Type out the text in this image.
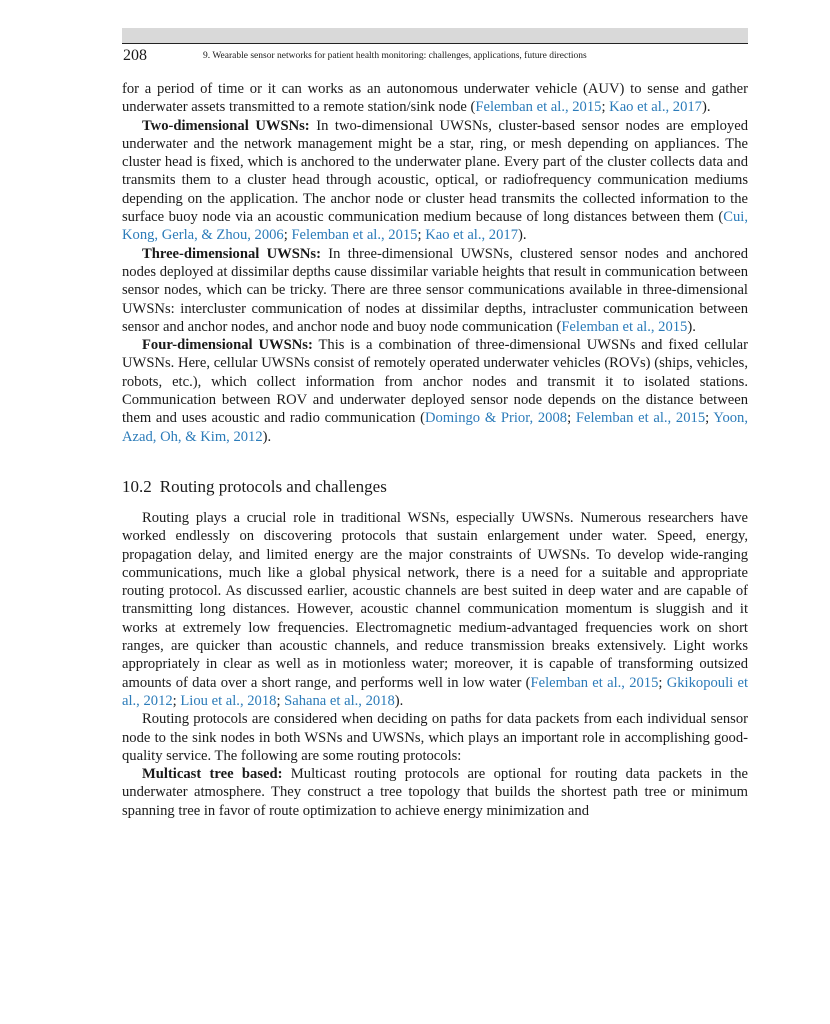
208	9. Wearable sensor networks for patient health monitoring: challenges, applications, future directions

for a period of time or it can works as an autonomous underwater vehicle (AUV) to sense and gather underwater assets transmitted to a remote station/sink node (Felemban et al., 2015; Kao et al., 2017).

Two-dimensional UWSNs: In two-dimensional UWSNs, cluster-based sensor nodes are employed underwater and the network management might be a star, ring, or mesh depending on appliances. The cluster head is fixed, which is anchored to the underwater plane. Every part of the cluster collects data and transmits them to a cluster head through acoustic, optical, or radiofrequency communication mediums depending on the application. The anchor node or cluster head transmits the collected information to the surface buoy node via an acoustic communication medium because of long distances between them (Cui, Kong, Gerla, & Zhou, 2006; Felemban et al., 2015; Kao et al., 2017).

Three-dimensional UWSNs: In three-dimensional UWSNs, clustered sensor nodes and anchored nodes deployed at dissimilar depths cause dissimilar variable heights that result in communication between sensor nodes, which can be tricky. There are three sensor communications available in three-dimensional UWSNs: intercluster communication of nodes at dissimilar depths, intracluster communication between sensor and anchor nodes, and anchor node and buoy node communication (Felemban et al., 2015).

Four-dimensional UWSNs: This is a combination of three-dimensional UWSNs and fixed cellular UWSNs. Here, cellular UWSNs consist of remotely operated underwater vehicles (ROVs) (ships, vehicles, robots, etc.), which collect information from anchor nodes and transmit it to isolated stations. Communication between ROV and underwater deployed sensor node depends on the distance between them and uses acoustic and radio communication (Domingo & Prior, 2008; Felemban et al., 2015; Yoon, Azad, Oh, & Kim, 2012).

10.2 Routing protocols and challenges

Routing plays a crucial role in traditional WSNs, especially UWSNs. Numerous researchers have worked endlessly on discovering protocols that sustain enlargement under water. Speed, energy, propagation delay, and limited energy are the major constraints of UWSNs. To develop wide-ranging communications, much like a global physical network, there is a need for a suitable and appropriate routing protocol. As discussed earlier, acoustic channels are best suited in deep water and are capable of transmitting long distances. However, acoustic channel communication momentum is sluggish and it works at extremely low frequencies. Electromagnetic medium-advantaged frequencies work on short ranges, are quicker than acoustic channels, and reduce transmission breaks extensively. Light works appropriately in clear as well as in motionless water; moreover, it is capable of transforming outsized amounts of data over a short range, and performs well in low water (Felemban et al., 2015; Gkikopouli et al., 2012; Liou et al., 2018; Sahana et al., 2018).

Routing protocols are considered when deciding on paths for data packets from each individual sensor node to the sink nodes in both WSNs and UWSNs, which plays an important role in accomplishing good-quality service. The following are some routing protocols:

Multicast tree based: Multicast routing protocols are optional for routing data packets in the underwater atmosphere. They construct a tree topology that builds the shortest path tree or minimum spanning tree in favor of route optimization to achieve energy minimization and
